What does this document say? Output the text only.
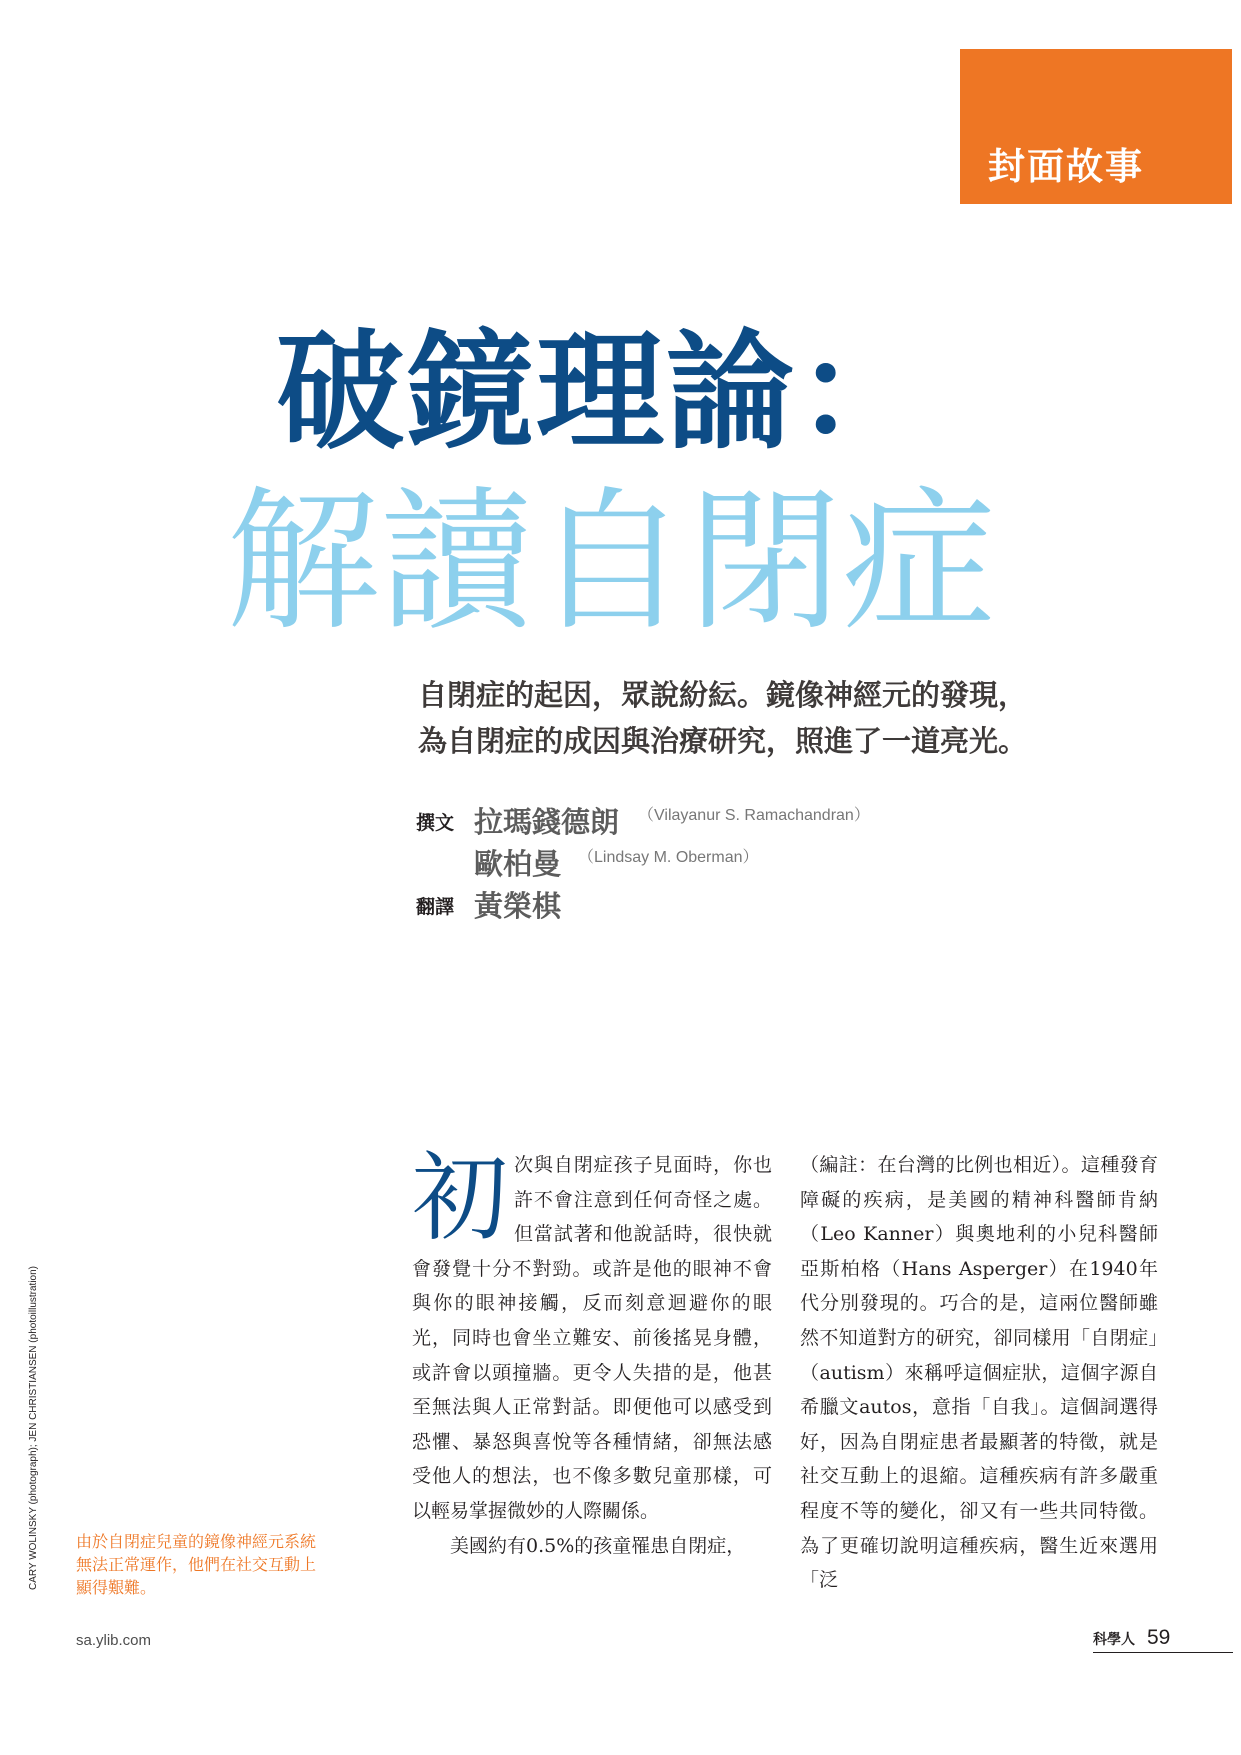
封面故事
破鏡理論：
解讀自閉症
自閉症的起因，眾說紛紜。鏡像神經元的發現，
為自閉症的成因與治療研究，照進了一道亮光。
撰文 拉瑪錢德朗 （Vilayanur S. Ramachandran）
歐柏曼 （Lindsay M. Oberman）
翻譯 黃榮棋
CARY WOLINSKY (photograph); JEN CHRISTIANSEN (photoillustration) 由於自閉症兒童的鏡像神經元系統無法正常運作，他們在社交互動上顯得艱難。

初次與自閉症孩子見面時，你也許不會注意到任何奇怪之處。但當試著和他說話時，很快就會發覺十分不對勁。或許是他的眼神不會與你的眼神接觸，反而刻意迴避你的眼光，同時也會坐立難安、前後搖晃身體，或許會以頭撞牆。更令人失措的是，他甚至無法與人正常對話。即便他可以感受到恐懼、暴怒與喜悅等各種情緒，卻無法感受他人的想法，也不像多數兒童那樣，可以輕易掌握微妙的人際關係。

美國約有0.5%的孩童罹患自閉症，

（編註：在台灣的比例也相近）。這種發育障礙的疾病，是美國的精神科醫師肯納（Leo Kanner）與奧地利的小兒科醫師亞斯柏格（Hans Asperger）在1940年代分別發現的。巧合的是，這兩位醫師雖然不知道對方的研究，卻同樣用「自閉症」（autism）來稱呼這個症狀，這個字源自希臘文autos，意指「自我」。這個詞選得好，因為自閉症患者最顯著的特徵，就是社交互動上的退縮。這種疾病有許多嚴重程度不等的變化，卻又有一些共同特徵。為了更確切說明這種疾病，醫生近來選用「泛

sa.ylib.com	科學人 59
